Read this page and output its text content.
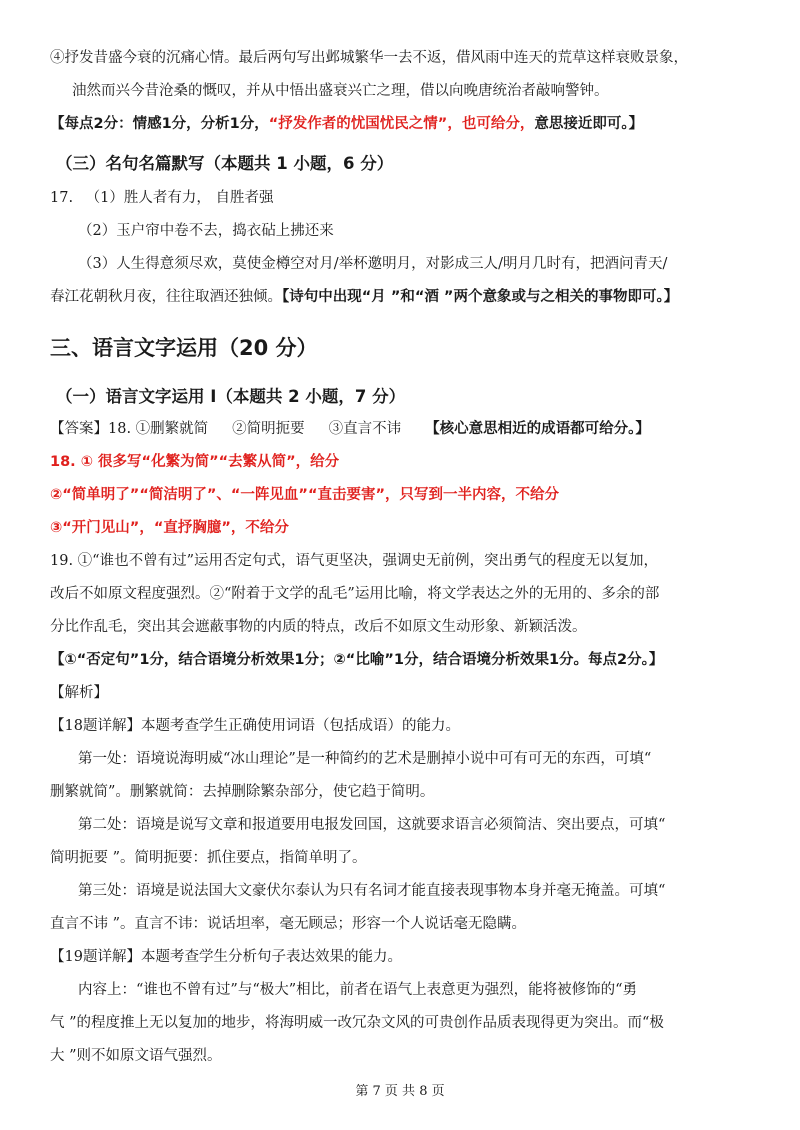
④抒发昔盛今衰的沉痛心情。最后两句写出邺城繁华一去不返，借风雨中连天的荒草这样衰败景象，
油然而兴今昔沧桑的慨叹，并从中悟出盛衰兴亡之理，借以向晚唐统治者敲响警钟。
【每点2分：情感1分，分析1分，“抒发作者的忧国忧民之情”，也可给分，意思接近即可。】
（三）名句名篇默写（本题共 1 小题，6 分）
17. （1）胜人者有力， 自胜者强
（2）玉户帘中卷不去，捣衣砧上拂还来
（3）人生得意须尽欢，莫使金樽空对月/举杯邀明月，对影成三人/明月几时有，把酒问青天/
春江花朝秋月夜，往往取酒还独倾。【诗句中出现“月 ”和“酒 ”两个意象或与之相关的事物即可。】
三、语言文字运用（20 分）
（一）语言文字运用 Ⅰ（本题共 2 小题，7 分）
【答案】18. ①删繁就简 ②简明扼要 ③直言不讳 【核心意思相近的成语都可给分。】
18. ① 很多写“化繁为简”“去繁从简”，给分
②“简单明了”“简洁明了”、“一阵见血”“直击要害”，只写到一半内容，不给分
③“开门见山”，“直抒胸臆”，不给分
19. ①“谁也不曾有过”运用否定句式，语气更坚决，强调史无前例，突出勇气的程度无以复加，
改后不如原文程度强烈。②“附着于文学的乱毛”运用比喻，将文学表达之外的无用的、多余的部
分比作乱毛，突出其会遮蔽事物的内质的特点，改后不如原文生动形象、新颖活泼。
【①“否定句”1分，结合语境分析效果1分；②“比喻”1分，结合语境分析效果1分。每点2分。】
【解析】
【18题详解】本题考查学生正确使用词语（包括成语）的能力。
第一处：语境说海明威“冰山理论”是一种简约的艺术是删掉小说中可有可无的东西，可填“
删繁就简”。删繁就简：去掉删除繁杂部分，使它趋于简明。
第二处：语境是说写文章和报道要用电报发回国，这就要求语言必须简洁、突出要点，可填“
简明扼要 ”。简明扼要：抓住要点，指简单明了。
第三处：语境是说法国大文豪伏尔泰认为只有名词才能直接表现事物本身并毫无掩盖。可填“
直言不讳 ”。直言不讳：说话坦率，毫无顾忌；形容一个人说话毫无隐瞒。
【19题详解】本题考查学生分析句子表达效果的能力。
内容上：“谁也不曾有过”与“极大”相比，前者在语气上表意更为强烈，能将被修饰的“勇
气 ”的程度推上无以复加的地步，将海明威一改冗杂文风的可贵创作品质表现得更为突出。而“极
大 ”则不如原文语气强烈。
第 7 页 共 8 页
